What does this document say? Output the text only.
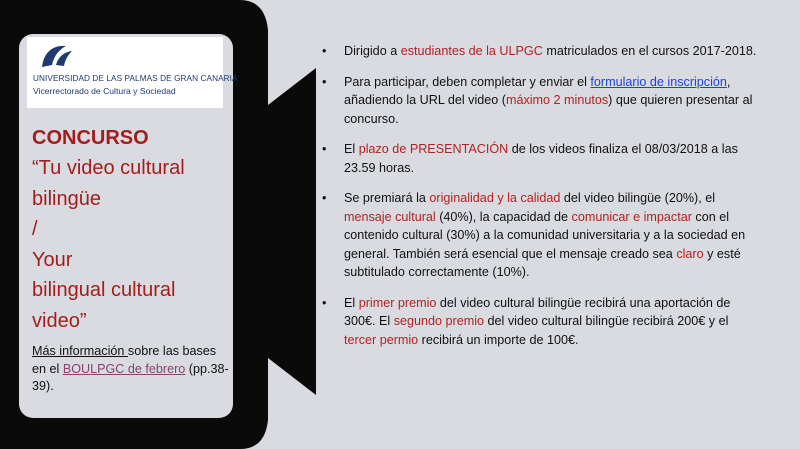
UNIVERSIDAD DE LAS PALMAS DE GRAN CANARIA
Vicerrectorado de Cultura y Sociedad
CONCURSO
“Tu video cultural
bilingüe
/
Your
bilingual cultural
video”
Más información sobre las bases en el BOULPGC de febrero (pp.38-39).
• Dirigido a estudiantes de la ULPGC matriculados en el cursos 2017-2018.
• Para participar, deben completar y enviar el formulario de inscripción, añadiendo la URL del video (máximo 2 minutos) que quieren presentar al concurso.
• El plazo de PRESENTACIÓN de los videos finaliza el 08/03/2018 a las 23.59 horas.
• Se premiará la originalidad y la calidad del video bilingüe (20%), el mensaje cultural (40%), la capacidad de comunicar e impactar con el contenido cultural (30%) a la comunidad universitaria y a la sociedad en general. También será esencial que el mensaje creado sea claro y esté subtitulado correctamente (10%).
• El primer premio del video cultural bilingüe recibirá una aportación de 300€. El segundo premio del video cultural bilingüe recibirá 200€ y el tercer permio recibirá un importe de 100€.
